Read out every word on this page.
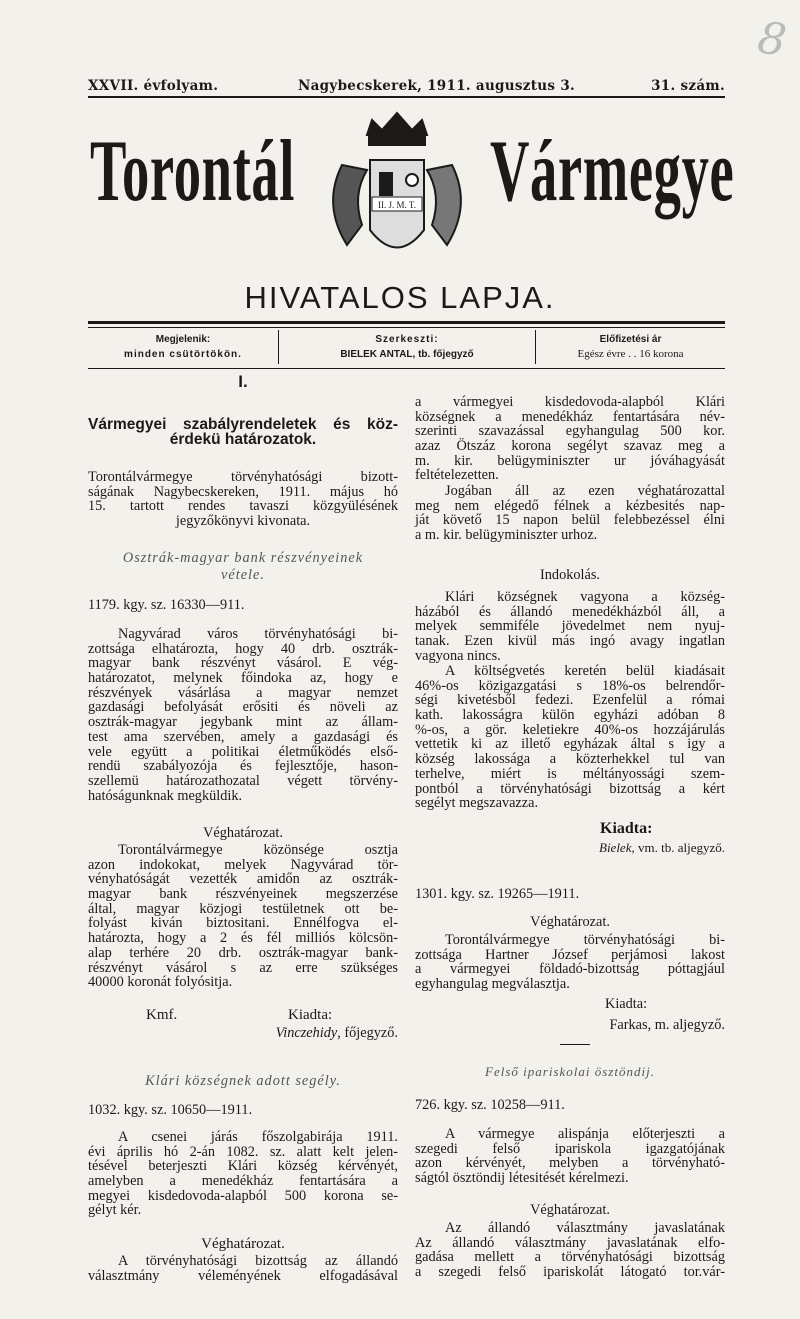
8
XXVII. évfolyam.	Nagybecskerek, 1911. augusztus 3.	31. szám.
Torontál	II. J. M. T. Vármegye
HIVATALOS LAPJA.
Megjelenik:
minden csütörtökön.
Szerkeszti:
BIELEK ANTAL, tb. főjegyző
Előfizetési ár
Egész évre . . 16 korona
I.
Vármegyei szabályrendeletek és köz-
érdekü határozatok.
Torontálvármegye törvényhatósági bizott-
ságának Nagybecskereken, 1911. május hó
15. tartott rendes tavaszi közgyülésének
jegyzőkönyvi kivonata.
Osztrák-magyar bank részvényeinek
vétele.
1179. kgy. sz. 16330—911.
Nagyvárad város törvényhatósági bi-
zottsága elhatározta, hogy 40 drb. osztrák-
magyar bank részvényt vásárol. E vég-
határozatot, melynek főindoka az, hogy e
részvények vásárlása a magyar nemzet
gazdasági befolyását erősiti és növeli az
osztrák-magyar jegybank mint az állam-
test ama szervében, amely a gazdasági és
vele együtt a politikai életműködés első-
rendü szabályozója és fejlesztője, hason-
szellemü határozathozatal végett törvény-
hatóságunknak megküldik.
Véghatározat.
Torontálvármegye közönsége osztja
azon indokokat, melyek Nagyvárad tör-
vényhatóságát vezették amidőn az osztrák-
magyar bank részvényeinek megszerzése
által, magyar közjogi testületnek ott be-
folyást kiván biztositani. Ennélfogva el-
határozta, hogy a 2 és fél milliós kölcsön-
alap terhére 20 drb. osztrák-magyar bank-
részvényt vásárol s az erre szükséges
40000 koronát folyósitja.
Kmf.	Kiadta:
Vinczehidy, főjegyző.
Klári községnek adott segély.
1032. kgy. sz. 10650—1911.
A csenei járás főszolgabirája 1911.
évi április hó 2-án 1082. sz. alatt kelt jelen-
tésével beterjeszti Klári község kérvényét,
amelyben a menedékház fentartására a
megyei kisdedovoda-alapból 500 korona se-
gélyt kér.
Véghatározat.
A törvényhatósági bizottság az állandó
választmány véleményének elfogadásával
a vármegyei kisdedovoda-alapból Klári
községnek a menedékház fentartására név-
szerinti szavazással egyhangulag 500 kor.
azaz Ötszáz korona segélyt szavaz meg a
m. kir. belügyminiszter ur jóváhagyását
feltételezetten.
Jogában áll az ezen véghatározattal
meg nem elégedő félnek a kézbesités nap-
ját követő 15 napon belül felebbezéssel élni
a m. kir. belügyminiszter urhoz.
Indokolás.
Klári községnek vagyona a község-
házából és állandó menedékházból áll, a
melyek semmiféle jövedelmet nem nyuj-
tanak. Ezen kivül más ingó avagy ingatlan
vagyona nincs.
A költségvetés keretén belül kiadásait
46%-os közigazgatási s 18%-os belrendőr-
ségi kivetésből fedezi. Ezenfelül a római
kath. lakosságra külön egyházi adóban 8
%-os, a gör. keletiekre 40%-os hozzájárulás
vettetik ki az illető egyházak által s igy a
község lakossága a közterhekkel tul van
terhelve, miért is méltányossági szem-
pontból a törvényhatósági bizottság a kért
segélyt megszavazza.
Kiadta:
Bielek, vm. tb. aljegyző.
1301. kgy. sz. 19265—1911.
Véghatározat.
Torontálvármegye törvényhatósági bi-
zottsága Hartner József perjámosi lakost
a vármegyei földadó-bizottság póttagjául
egyhangulag megválasztja.
Kiadta:
Farkas, m. aljegyző.
Felső ipariskolai ösztöndij.
726. kgy. sz. 10258—911.
A vármegye alispánja előterjeszti a
szegedi felső ipariskola igazgatójának
azon kérvényét, melyben a törvényható-
ságtól ösztöndij létesitését kérelmezi.
Véghatározat.
Az állandó választmány javaslatának
Az állandó választmány javaslatának elfo-
gadása mellett a törvényhatósági bizottság
a szegedi felső ipariskolát látogató tor.vár-
